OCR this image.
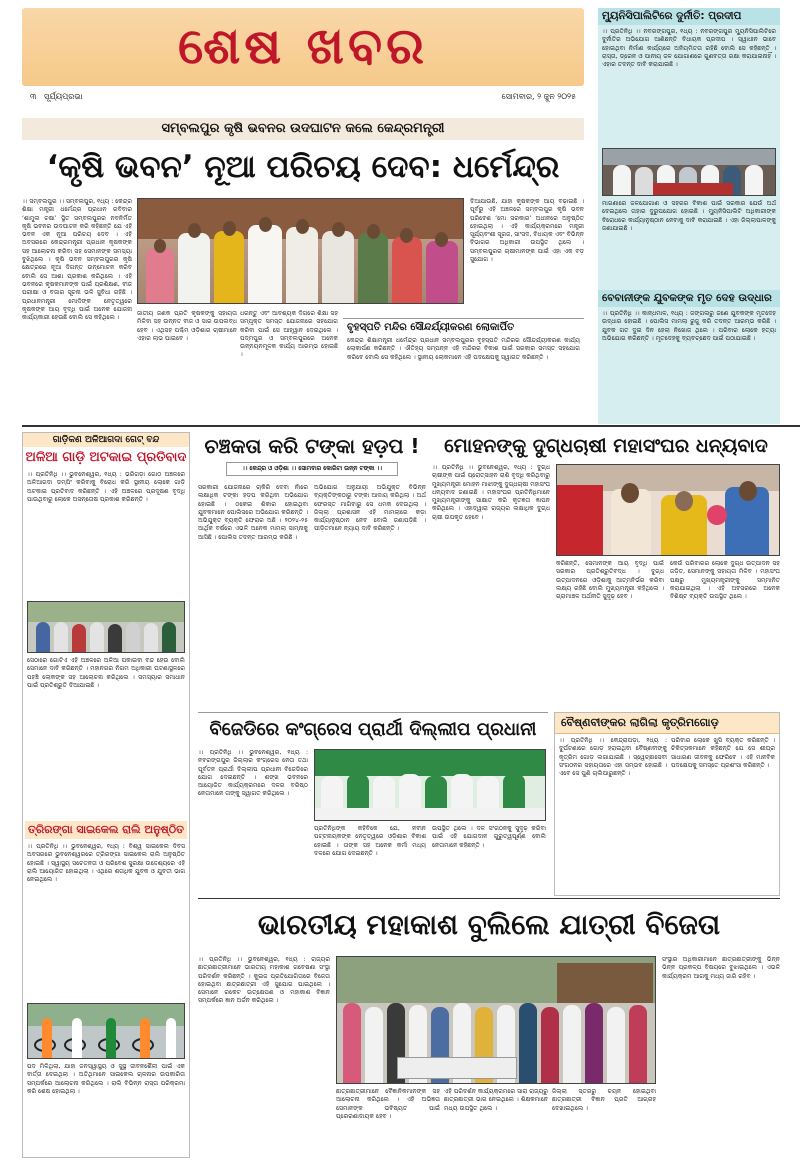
ଶେଷ ଖବର
୩ ସୂର୍ଯ୍ୟପ୍ରଭା	ସୋମବାର, ୨ ଜୁନ ୨୦୨୫
ସମ୍ବଲପୁର କୃଷି ଭବନର ଉଦଘାଟନ କଲେ କେନ୍ଦ୍ରମନ୍ତ୍ରୀ
‘କୃଷି ଭବନ’ ନୂଆ ପରିଚୟ ଦେବ: ଧର୍ମେନ୍ଦ୍ର
।। ସମ୍ବଲପୁର ।। ସମ୍ବଲପୁର, ୧ଧ୍ୟ : କେନ୍ଦ୍ର ଶିକ୍ଷା ମନ୍ତ୍ରୀ ଧର୍ମେନ୍ଦ୍ର ପ୍ରଧାନ ରବିବାର ‘ଶାମୁଲ ଚଷା’ ସ୍ଥିତ ସମ୍ବଲପୁରର ନବନିର୍ମିତ କୃଷି ଭବନର ଉଦଘାଟନ କରି କହିଛନ୍ତି ଯେ ଏହି ଭବନ ଏକ ନୂଆ ପରିଚୟ ଦେବ । ଏହି ଅବସରରେ କେନ୍ଦ୍ରମନ୍ତ୍ରୀ ପ୍ରଧାନ କୃଷକଙ୍କ ସହ ଆଲୋଚନା କରିବା ସହ ସେମାନଙ୍କ ସମସ୍ୟା ବୁଝିଥିଲେ । କୃଷି ଭବନ ସମ୍ବଲପୁରର କୃଷି କ୍ଷେତ୍ରରେ ନୂଆ ଦିଗନ୍ତ ଉନ୍ମୋଚନ କରିବ ବୋଲି ସେ ଆଶା ପ୍ରକାଶ କରିଥିଲେ । ଏହି ଭବନରେ କୃଷକମାନଙ୍କ ପାଇଁ ପ୍ରଶିକ୍ଷଣ, ବୀଜ ପରୀକ୍ଷା ଓ ବଜାର ସୂଚନା ଭଳି ସୁବିଧା ରହିଛି । ପ୍ରଧାନମନ୍ତ୍ରୀ ମୋଦିଙ୍କ ନେତୃତ୍ୱରେ କୃଷକଙ୍କ ଆୟ ବୃଦ୍ଧି ପାଇଁ ଅନେକ ଯୋଜନା କାର୍ଯ୍ୟକାରୀ ହେଉଛି ବୋଲି ସେ କହିଥିଲେ ।
ଜାତୀୟ ଜଣକ ପ୍ରତି କୃଷକଙ୍କୁ ସହାୟତା ମିଳିବା ସହ ଉନ୍ନତ ବୀଜ ଓ ସାର ଉପଲବ୍ଧ ହେବ । ଏଥିସହ ପଶ୍ଚିମ ଓଡ଼ିଶାର ଚାଷୀମାନେ ଏହାର ଲାଭ ପାଇବେ ।
ଧରନ୍ତୁ ଏବଂ ଆବଶ୍ୟକ ଦିଗରେ ଶିକ୍ଷା ସହ ସମ୍ପୃକ୍ତ ସମସ୍ତ ଯୋଜନାରେ ସହଯୋଗ କରିବା ପାଇଁ ସେ ଆହ୍ୱାନ ଦେଇଥିଲେ । ପଦ୍ମପୁର ଓ ସମ୍ବଲପୁରରେ ଅନେକ ଉନ୍ନୟନମୂଳକ କାର୍ଯ୍ୟ ଆରମ୍ଭ ହୋଇଛି ।
ଦିଆଯାଉଛି, ଯାହା କୃଷକଙ୍କ ଆୟ ବଢ଼ାଇଛି । ପୂର୍ବରୁ ଏହି ଅଞ୍ଚଳରେ ସମ୍ବଲପୁର କୃଷି ଭବନ ପରିବେଶ ‘ମୋ ସରକାର’ ଅଧୀନରେ ଅନୁଷ୍ଠିତ ହୋଇଥିଲା । ଏହି କାର୍ଯ୍ୟକ୍ରମରେ ମନ୍ତ୍ରୀ ସୂର୍ଯ୍ୟବଂଶୀ ସୂରଜ, ସାଂସଦ, ବିଧାୟକ ଏବଂ ବିଭିନ୍ନ ବିଭାଗର ଅଧିକାରୀ ଉପସ୍ଥିତ ଥିଲେ । ସମ୍ବଲପୁରର ଚାଷୀମାନଙ୍କ ପାଇଁ ଏହା ଏକ ବଡ଼ ସୁଯୋଗ ।
ବୃହସ୍ପତି ମନ୍ଦିର ସୌନ୍ଦର୍ଯ୍ୟୀକରଣ ଲୋକାର୍ପିତ
କେନ୍ଦ୍ର ଶିକ୍ଷାମନ୍ତ୍ରୀ ଧର୍ମେନ୍ଦ୍ର ପ୍ରଧାନ ସମ୍ବଲପୁରର ବୃହସ୍ପତି ମନ୍ଦିରର ସୌନ୍ଦର୍ଯ୍ୟୀକରଣ କାର୍ଯ୍ୟ ଲୋକାର୍ପଣ କରିଛନ୍ତି । ଐତିହ୍ୟ ସମ୍ପନ୍ନ ଏହି ମନ୍ଦିରର ବିକାଶ ପାଇଁ ସରକାର ସମସ୍ତ ସହଯୋଗ କରିବେ ବୋଲି ସେ କହିଥିଲେ । ସ୍ଥାନୀୟ ଲୋକମାନେ ଏହି ପଦକ୍ଷେପକୁ ସ୍ୱାଗତ କରିଛନ୍ତି ।
ମ୍ୟୁନିସିପାଲିଟିରେ ଦୁର୍ନୀତି: ପ୍ରଦୀପ
।। ପ୍ରତିନିଧି ।। ନବରଙ୍ଗପୁର, ୧ଧ୍ୟ : ନବରଙ୍ଗପୁର ମ୍ୟୁନିସିପାଲିଟିରେ ଦୁର୍ନୀତିର ଅଭିଯୋଗ ଆଣିଛନ୍ତି ବିଧାୟକ ପ୍ରଦୀପ । ସ୍ୱାଧୀନ ଭାବେ ହୋଇଥିବା ନିର୍ମାଣ କାର୍ଯ୍ୟରେ ଅନିୟମିତତା ରହିଛି ବୋଲି ସେ କହିଛନ୍ତି । ରାସ୍ତା, ଡ୍ରେନ ଓ ପାନୀୟ ଜଳ ଯୋଗାଣରେ ଗୁଣବତ୍ତା ରକ୍ଷା କରାଯାଇନାହିଁ । ଏହାର ତଦନ୍ତ ଦାବି କରାଯାଇଛି ।
ମାଗଣାରେ ଜଳଯୋଗାଣ ଓ ସହରର ବିକାଶ ପାଇଁ ସରକାର ଯେଉଁ ଅର୍ଥ ଦେଇଥିଲେ ତାହାର ଦୁରୁପଯୋଗ ହୋଇଛି । ମ୍ୟୁନିସିପାଲିଟି ଅଧିକାରୀଙ୍କ ବିରୋଧରେ କାର୍ଯ୍ୟାନୁଷ୍ଠାନ ନେବାକୁ ଦାବି କରାଯାଇଛି । ଏହା ଜିଲ୍ଲାପାଳଙ୍କୁ ଜଣାଯାଇଛି ।
ବେବାନୀଙ୍କ ଯୁବକଙ୍କ ମୃତ ଦେହ ଉଦ୍ଧାର
।। ପ୍ରତିନିଧି ।। କାନ୍ଧମାଳ, ୧ଧ୍ୟ : ଜଙ୍ଗଲରୁ ଜଣେ ଯୁବକଙ୍କ ମୃତଦେହ ଉଦ୍ଧାର ହୋଇଛି । ପୋଲିସ ମାମଲା ରୁଜୁ କରି ତଦନ୍ତ ଆରମ୍ଭ କରିଛି । ଯୁବକ ଗତ ଦୁଇ ଦିନ ହେଲା ନିଖୋଜ ଥିଲେ । ପରିବାର ଲୋକେ ହତ୍ୟା ଅଭିଯୋଗ କରିଛନ୍ତି । ମୃତଦେହକୁ ବ୍ୟବଚ୍ଛେଦ ପାଇଁ ପଠାଯାଇଛି ।
ଗାଡ଼ିକଣ ଅଳିଆଗଦା ଗେଟ୍ ବନ୍ଦ
ଅଳିଆ ଗାଡ଼ି ଅଟକାଇ ପ୍ରତିବାଦ
।। ପ୍ରତିନିଧି ।। ଭୁବନେଶ୍ୱର, ୧ଧ୍ୟ : ଭରିଗଡ଼ା ଗୋଠ ଅଞ୍ଚଳରେ ଅଳିଆଗଦା ଡମ୍ପିଂ କରିବାକୁ ବିରୋଧ କରି ସ୍ଥାନୀୟ ଲୋକେ ଗାଡ଼ି ଅଟକାଇ ପ୍ରତିବାଦ କରିଛନ୍ତି । ଏହି ଅଞ୍ଚଳରେ ପ୍ରଦୂଷଣ ବୃଦ୍ଧି ପାଉଥିବାରୁ ଲୋକେ ଅସନ୍ତୋଷ ପ୍ରକାଶ କରିଛନ୍ତି ।
ସେଠାରେ ଗୋଟିଏ ଏହି ଅଞ୍ଚଳରେ ଅଳିଆ ପକାଇବା ବନ୍ଦ ହେଉ ବୋଲି ସେମାନେ ଦାବି କରିଛନ୍ତି । ମହାନଗର ନିଗମ ଅଧିକାରୀ ଘଟଣାସ୍ଥଳରେ ପହଞ୍ଚି ଲୋକଙ୍କ ସହ ଆଲୋଚନା କରିଥିଲେ । ସମସ୍ୟାର ସମାଧାନ ପାଇଁ ପ୍ରତିଶ୍ରୁତି ଦିଆଯାଇଛି ।
ତ୍ରିରଙ୍ଗା ସାଇକେଲ ରାଲି ଅନୁଷ୍ଠିତ
।। ପ୍ରତିନିଧି ।। ଭୁବନେଶ୍ୱର, ୧ଧ୍ୟ : ବିଶ୍ୱ ସାଇକେଲ ଦିବସ ଅବସରରେ ଭୁବନେଶ୍ୱରରେ ତ୍ରିରଙ୍ଗା ସାଇକେଲ ରାଲି ଅନୁଷ୍ଠିତ ହୋଇଛି । ସ୍ୱାସ୍ଥ୍ୟ ସଚେତନତା ଓ ପରିବେଶ ସୁରକ୍ଷା ଉଦ୍ଦେଶ୍ୟରେ ଏହି ରାଲି ଆୟୋଜିତ ହୋଇଥିଲା । ଏଥିରେ ଶତାଧିକ ଯୁବକ ଓ ଯୁବତୀ ଭାଗ ନେଇଥିଲେ ।
ପଦ ମିଳିଥିଲା, ଯାହା ଜନସ୍ୱାସ୍ଥ୍ୟ ଓ ସୁସ୍ଥ ଜୀବନଶୈଳୀ ପାଇଁ ଏକ ବାର୍ତ୍ତା ଦେଇଥିଲା । ଅତିଥିମାନେ ସାଇକେଲ ଚାଳନାର ଉପକାରିତା ସମ୍ପର୍କରେ ଆଲୋଚନା କରିଥିଲେ । ରାଲି ବିଭିନ୍ନ ରାସ୍ତା ପରିକ୍ରମା କରି ଶେଷ ହୋଇଥିଲା ।
ଚଞ୍ଚକତା କରି ଟଙ୍କା ହଡ଼ପ !
।। କେନ୍ଦ୍ର ଓ ଓଡ଼ିଶା ।। ସୋମବାର କୋରିଟା ଉନ୍ନ ଟଙ୍କା ।।
ସରକାରୀ ଯୋଜନାରେ ଚାକିରି ଦେବା ନାଁରେ ଲକ୍ଷାଧିକ ଟଙ୍କା ହଡ଼ପ କରିଥିବା ଅଭିଯୋଗ ହୋଇଛି । ଠକେଇ ଶିକାର ହୋଇଥିବା ଯୁବକମାନେ ପୋଲିସରେ ଅଭିଯୋଗ କରିଛନ୍ତି । ଅଭିଯୁକ୍ତ ବ୍ୟକ୍ତି ଫେରାର ଅଛି । ୨୦୨୪-୨୫ ଆର୍ଥିକ ବର୍ଷରେ ଏଭଳି ଅନେକ ମାମଲା ସାମ୍ନାକୁ ଆସିଛି । ପୋଲିସ ତଦନ୍ତ ଆରମ୍ଭ କରିଛି ।
ଅଭିଯୋଗ ଅନୁଯାୟୀ ଅଭିଯୁକ୍ତ ବିଭିନ୍ନ ବ୍ୟକ୍ତିଙ୍କଠାରୁ ଟଙ୍କା ଆଦାୟ କରିଥିଲା । ଅର୍ଥ ଫେରସ୍ତ ମାଗିବାରୁ ସେ ଧମକ ଦେଉଥିଲା । ଜିଲ୍ଲା ପ୍ରଶାସନ ଏହି ମାମଲାରେ କଡ଼ା କାର୍ଯ୍ୟାନୁଷ୍ଠାନ ନେବ ବୋଲି ଜଣାପଡ଼ିଛି । ପୀଡ଼ିତମାନେ ନ୍ୟାୟ ଦାବି କରିଛନ୍ତି ।
ମୋହନଙ୍କୁ ଦୁଗ୍ଧଚାଷୀ ମହାସଂଘର ଧନ୍ୟବାଦ
।। ପ୍ରତିନିଧି ।। ଭୁବନେଶ୍ୱର, ୧ଧ୍ୟ : ଦୁଗ୍ଧ ଚାଷୀଙ୍କ ପାଇଁ ପ୍ରୋତ୍ସାହନ ରାଶି ବୃଦ୍ଧି କରିଥିବାରୁ ମୁଖ୍ୟମନ୍ତ୍ରୀ ମୋହନ ମାଝୀଙ୍କୁ ଦୁଗ୍ଧଚାଷୀ ମହାସଂଘ ଧନ୍ୟବାଦ ଜଣାଇଛି । ମହାସଂଘର ପ୍ରତିନିଧିମାନେ ମୁଖ୍ୟମନ୍ତ୍ରୀଙ୍କୁ ସାକ୍ଷାତ କରି କୃତଜ୍ଞତା ଜ୍ଞାପନ କରିଥିଲେ । ଏହାଦ୍ୱାରା ରାଜ୍ୟର ଲକ୍ଷାଧିକ ଦୁଗ୍ଧ ଚାଷୀ ଉପକୃତ ହେବେ ।
କରିଛନ୍ତି, ସେମାନଙ୍କ ଆୟ ବୃଦ୍ଧି ପାଇଁ ସରକାର ପ୍ରତିଶ୍ରୁତିବଦ୍ଧ । ଦୁଗ୍ଧ ଉତ୍ପାଦନରେ ଓଡ଼ିଶାକୁ ଆତ୍ମନିର୍ଭର କରିବା ଲକ୍ଷ୍ୟ ରହିଛି ବୋଲି ମୁଖ୍ୟମନ୍ତ୍ରୀ କହିଥିଲେ । ଗ୍ରାମାଞ୍ଚଳ ଅର୍ଥନୀତି ସୁଦୃଢ଼ ହେବ ।
କେଉଁ ପରିବାରର ଲୋକେ ଦୁଗ୍ଧ ଉତ୍ପାଦନ ସହ ଜଡ଼ିତ, ସେମାନଙ୍କୁ ସହାୟତା ମିଳିବ । ମହାସଂଘ ପକ୍ଷରୁ ମୁଖ୍ୟମନ୍ତ୍ରୀଙ୍କୁ ସମ୍ମାନିତ କରାଯାଇଥିଲା । ଏହି ଅବସରରେ ଅନେକ ବିଶିଷ୍ଟ ବ୍ୟକ୍ତି ଉପସ୍ଥିତ ଥିଲେ ।
ବିଜେଡିରେ କଂଗ୍ରେସ ପ୍ରାର୍ଥୀ ଦିଲ୍ଲୀପ ପ୍ରଧାନୀ
।। ପ୍ରତିନିଧି ।। ଭୁବନେଶ୍ୱର, ୧ଧ୍ୟ : ନବରଙ୍ଗପୁର ଜିଲ୍ଲାର କଂଗ୍ରେସ ନେତା ତଥା ପୂର୍ବତନ ପ୍ରାର୍ଥୀ ଦିଲ୍ଲୀପ ପ୍ରଧାନୀ ବିଜେଡିରେ ଯୋଗ ଦେଇଛନ୍ତି । ଶଙ୍ଖ ଭବନରେ ଆୟୋଜିତ କାର୍ଯ୍ୟକ୍ରମରେ ଦଳର ବରିଷ୍ଠ ନେତାମାନେ ତାଙ୍କୁ ସ୍ୱାଗତ କରିଥିଲେ ।
ପ୍ରତିନିଧିଙ୍କ କହିବିକେ ଯେ, ନବୀନ ପଟ୍ଟନାୟକଙ୍କ ନେତୃତ୍ୱରେ ଓଡ଼ିଶାର ବିକାଶ ହୋଇଛି । ତାଙ୍କ ସହ ଅନେକ କର୍ମୀ ମଧ୍ୟ ଦଳରେ ଯୋଗ ଦେଇଛନ୍ତି ।
ଉପସ୍ଥିତ ଥିଲେ । ଦଳ ସଂଗଠନକୁ ସୁଦୃଢ଼ କରିବା ପାଇଁ ଏହି ଯୋଗଦାନ ଗୁରୁତ୍ୱପୂର୍ଣ୍ଣ ବୋଲି ନେତାମାନେ କହିଛନ୍ତି ।
ବୈଷ୍ଣବୀଙ୍କର ଲାଗିଲା କୃତ୍ରିମଗୋଡ଼
।। ପ୍ରତିନିଧି ।। କେନ୍ଦ୍ରାପଡ଼ା, ୧ଧ୍ୟ : ଦୁର୍ଘଟଣାରେ ଗୋଡ଼ ହରାଇଥିବା ବୈଷ୍ଣବୀଙ୍କୁ କୃତ୍ରିମ ଗୋଡ଼ ଲଗାଯାଇଛି । ସ୍ୱେଚ୍ଛାସେବୀ ସଂଗଠନର ସହାୟତାରେ ଏହା ସମ୍ଭବ ହୋଇଛି । ଏବେ ସେ ପୁଣି ଚାଲିପାରୁଛନ୍ତି ।
ପରିବାର ଲୋକେ ଖୁସି ବ୍ୟକ୍ତ କରିଛନ୍ତି । ଚିକିତ୍ସକମାନେ କହିଛନ୍ତି ଯେ ସେ ଶୀଘ୍ର ସାଧାରଣ ଜୀବନକୁ ଫେରିବେ । ଏହି ମାନବିକ ପଦକ୍ଷେପକୁ ସମସ୍ତେ ପ୍ରଶଂସା କରିଛନ୍ତି ।
ଭାରତୀୟ ମହାକାଶ ବୁଲିଲେ ଯାତ୍ରୀ ବିଜେତା
।। ପ୍ରତିନିଧି ।। ଭୁବନେଶ୍ୱର, ୧ଧ୍ୟ : ରାଜ୍ୟର ଛାତ୍ରଛାତ୍ରୀମାନେ ଭାରତୀୟ ମହାକାଶ ଗବେଷଣା ସଂସ୍ଥା ପରିଦର୍ଶନ କରିଛନ୍ତି । କୁଇଜ ପ୍ରତିଯୋଗିତାରେ ବିଜେତା ହୋଇଥିବା ଛାତ୍ରଛାତ୍ରୀ ଏହି ସୁଯୋଗ ପାଇଥିଲେ । ସେମାନେ ରକେଟ ଉତ୍କ୍ଷେପଣ ଓ ମହାକାଶ ବିଜ୍ଞାନ ସମ୍ପର୍କରେ ଜ୍ଞାନ ଅର୍ଜନ କରିଥିଲେ ।
ଛାତ୍ରଛାତ୍ରୀମାନେ ବୈଜ୍ଞାନିକମାନଙ୍କ ସହ ଆଲୋଚନା କରିଥିଲେ । ଏହି ଅଭିଜ୍ଞତା ସେମାନଙ୍କ ଭବିଷ୍ୟତ ପାଇଁ ପ୍ରେରଣାଦାୟକ ହେବ ।
ଏହି ପରିଦର୍ଶନ କାର୍ଯ୍ୟକ୍ରମରେ ସାରା ରାଜ୍ୟରୁ ଛାତ୍ରଛାତ୍ରୀ ଭାଗ ନେଇଥିଲେ । ଶିକ୍ଷକମାନେ ମଧ୍ୟ ଉପସ୍ଥିତ ଥିଲେ ।
ଜିଲ୍ଲା ସ୍ତରରୁ ଚୟନ ହୋଇଥିବା ଛାତ୍ରଛାତ୍ରୀ ବିଜ୍ଞାନ ପ୍ରତି ଆଗ୍ରହ ଦେଖାଇଥିଲେ ।
ସଂସ୍ଥାର ଅଧିକାରୀମାନେ ଛାତ୍ରଛାତ୍ରୀଙ୍କୁ ଭିନ୍ନ ଭିନ୍ନ ପ୍ରକଳ୍ପ ବିଷୟରେ ବୁଝାଇଥିଲେ । ଏଭଳି କାର୍ଯ୍ୟକ୍ରମ ଆଗକୁ ମଧ୍ୟ ଜାରି ରହିବ ।
